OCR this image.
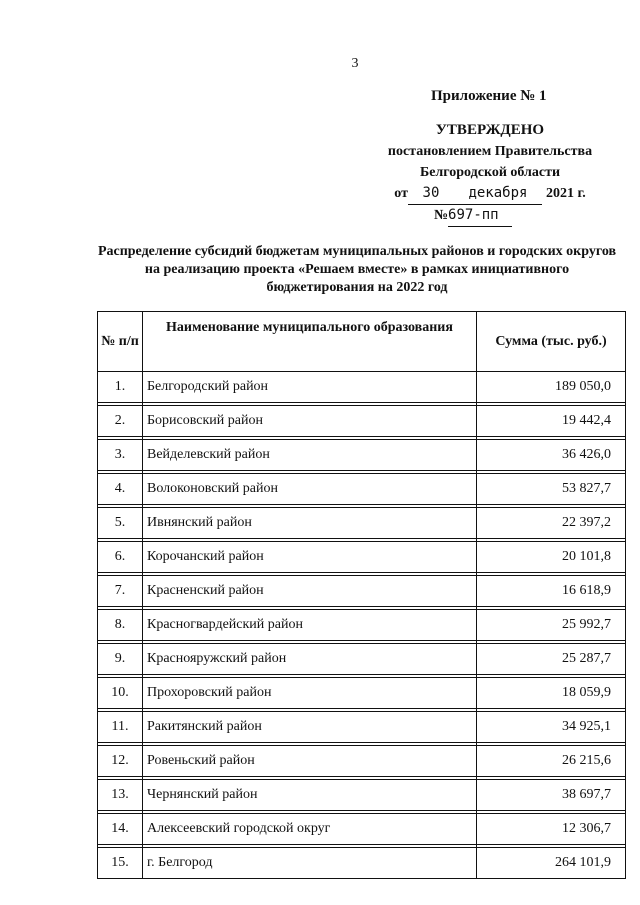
3
Приложение № 1
УТВЕРЖДЕНО
постановлением Правительства
Белгородской области
от	30	декабря	2021 г.
№ 697-пп
Распределение субсидий бюджетам муниципальных районов и городских округов на реализацию проекта «Решаем вместе» в рамках инициативного бюджетирования на 2022 год
№ п/п	Наименование муниципального образования	Сумма (тыс. руб.)
1.	Белгородский район	189 050,0

2.	Борисовский район	19 442,4

3.	Вейделевский район	36 426,0

4.	Волоконовский район	53 827,7

5.	Ивнянский район	22 397,2

6.	Корочанский район	20 101,8

7.	Красненский район	16 618,9

8.	Красногвардейский район	25 992,7

9.	Краснояружский район	25 287,7

10.	Прохоровский район	18 059,9

11.	Ракитянский район	34 925,1

12.	Ровеньский район	26 215,6

13.	Чернянский район	38 697,7

14.	Алексеевский городской округ	12 306,7

15.	г. Белгород	264 101,9
